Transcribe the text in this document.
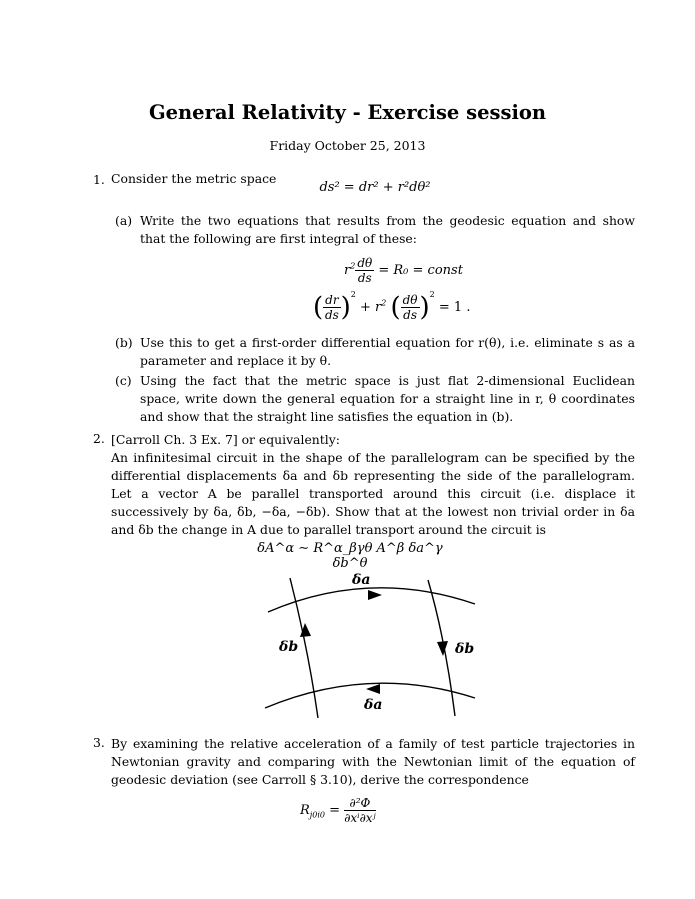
General Relativity - Exercise session
Friday October 25, 2013
1. Consider the metric space
ds² = dr² + r²dθ²
(a) Write the two equations that results from the geodesic equation and show that the following are first integral of these:
$r^2 \frac{d\theta}{ds} = R_0$ = const
( $\frac{dr}{ds} )^2 + r^2$ ( $\frac{d\theta}{ds} )^2 = 1$ .
(b) Use this to get a first-order differential equation for r(θ), i.e. eliminate s as a parameter and replace it by θ.
(c) Using the fact that the metric space is just flat 2-dimensional Euclidean space, write down the general equation for a straight line in r, θ coordinates and show that the straight line satisfies the equation in (b).
2. [Carroll Ch. 3 Ex. 7] or equivalently:
An infinitesimal circuit in the shape of the parallelogram can be specified by the differential displacements δa and δb representing the side of the parallelogram. Let a vector A be parallel transported around this circuit (i.e. displace it successively by δa, δb, −δa, −δb). Show that at the lowest non trivial order in δa and δb the change in A due to parallel transport around the circuit is
δA^α ∼ R^α_βγθ A^β δa^γ δb^θ
δa
δb	δb
δa
3. By examining the relative acceleration of a family of test particle trajectories in Newtonian gravity and comparing with the Newtonian limit of the equation of geodesic deviation (see Carroll § 3.10), derive the correspondence
$R_{j0i0} = \frac{\text{∂²Φ}}{\text{∂xⁱ∂xʲ}}$
